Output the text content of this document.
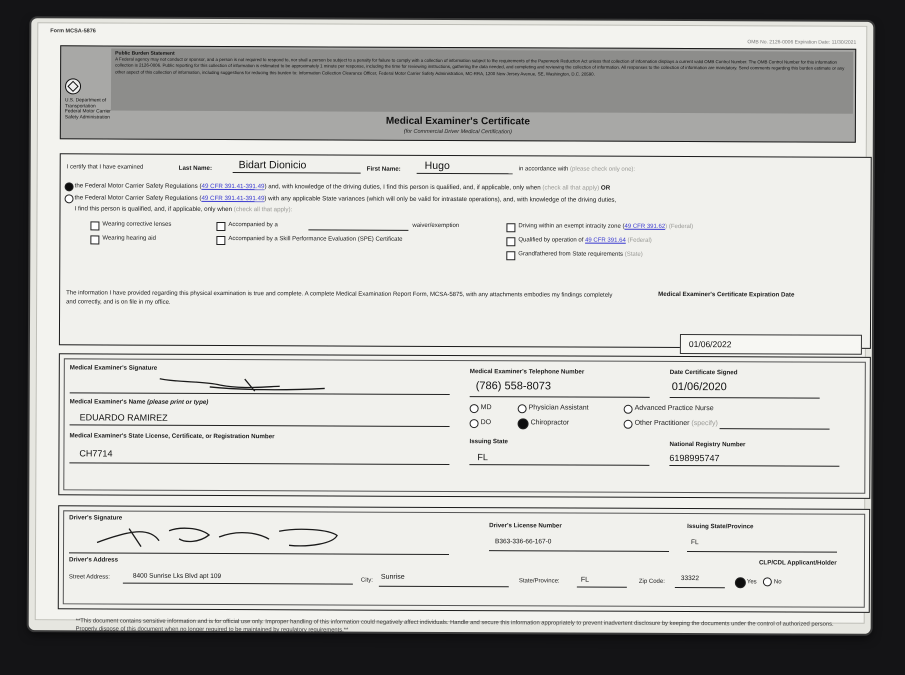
Form MCSA-5876
OMB No. 2126-0006 Expiration Date: 11/30/2021
Public Burden Statement
A Federal agency may not conduct or sponsor, and a person is not required to respond to, nor shall a person be subject to a penalty for failure to comply with a collection of information subject to the requirements of the Paperwork Reduction Act unless that collection of information displays a current valid OMB Control Number. The OMB Control Number for this information collection is 2126-0006. Public reporting for this collection of information is estimated to be approximately 1 minute per response, including the time for reviewing instructions, gathering the data needed, and completing and reviewing the collection of information. All responses to the collection of information are mandatory. Send comments regarding this burden estimate or any other aspect of this collection of information, including suggestions for reducing this burden to: Information Collection Clearance Officer, Federal Motor Carrier Safety Administration, MC-RRA, 1200 New Jersey Avenue, SE, Washington, D.C. 20590.
U.S. Department of Transportation
Federal Motor Carrier
Safety Administration	Medical Examiner's Certificate
(for Commercial Driver Medical Certification)
I certify that I have examined	Last Name:	Bidart Dionicio	First Name: Hugo	in accordance with (please check only one):
the Federal Motor Carrier Safety Regulations (49 CFR 391.41-391.49) and, with knowledge of the driving duties, I find this person is qualified, and, if applicable, only when (check all that apply) OR
the Federal Motor Carrier Safety Regulations (49 CFR 391.41-391.49) with any applicable State variances (which will only be valid for intrastate operations), and, with knowledge of the driving duties,
I find this person is qualified, and, if applicable, only when (check all that apply):
Wearing corrective lenses
Wearing hearing aid
Accompanied by a	waiver/exemption
Accompanied by a Skill Performance Evaluation (SPE) Certificate
Driving within an exempt intracity zone (49 CFR 391.62) (Federal)
Qualified by operation of 49 CFR 391.64 (Federal)
Grandfathered from State requirements (State)
The information I have provided regarding this physical examination is true and complete. A complete Medical Examination Report Form, MCSA-5875, with any attachments embodies my findings completely and correctly, and is on file in my office.
Medical Examiner's Certificate Expiration Date
01/06/2022
Medical Examiner's Signature
Medical Examiner's Telephone Number
(786) 558-8073
Date Certificate Signed
01/06/2020
Medical Examiner's Name (please print or type)
EDUARDO RAMIREZ
MD
DO
Physician Assistant
Chiropractor
Advanced Practice Nurse
Other Practitioner (specify)
Medical Examiner's State License, Certificate, or Registration Number
CH7714
Issuing State
FL
National Registry Number
6198995747
Driver's Signature
Driver's License Number
B363-336-66-167-0
Issuing State/Province
FL
Driver's Address	CLP/CDL Applicant/Holder
Street Address:	8400 Sunrise Lks Blvd apt 109
City: Sunrise
State/Province:	FL	Zip Code: 33322
Yes	No
**This document contains sensitive information and is for official use only. Improper handling of this information could negatively affect individuals. Handle and secure this information appropriately to prevent inadvertent disclosure by keeping the documents under the control of authorized persons. Properly dispose of this document when no longer required to be maintained by regulatory requirements.**
